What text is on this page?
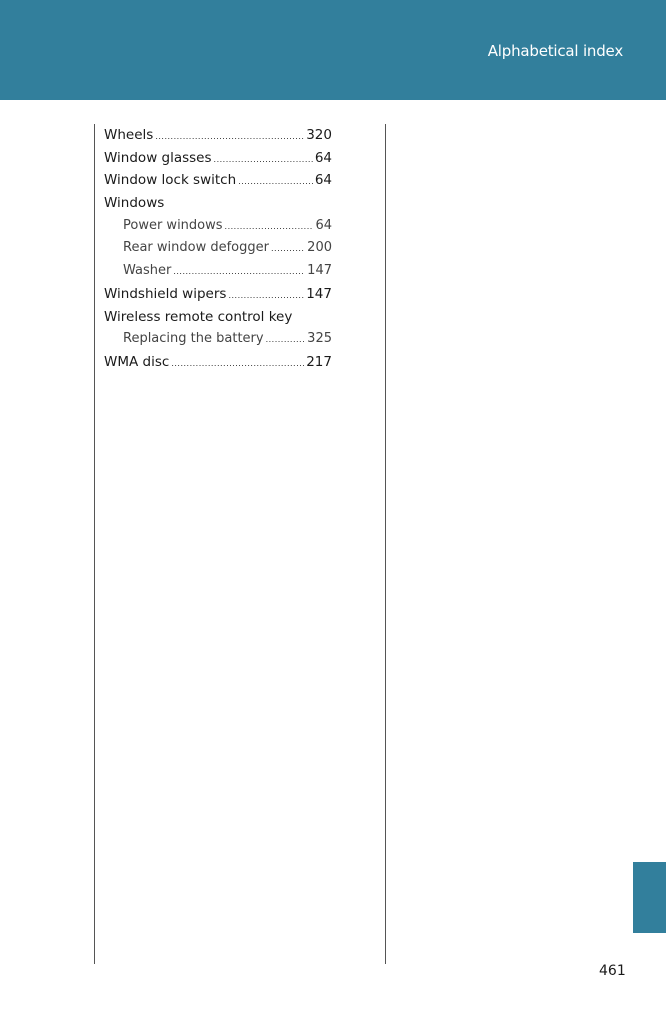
Alphabetical index
Wheels .....	320
Window glasses .....	64
Window lock switch .....	64
Windows
Power windows .....	64
Rear window defogger .....	200
Washer .....	147
Windshield wipers .....	147
Wireless remote control key
Replacing the battery .....	325
WMA disc .....	217
461
